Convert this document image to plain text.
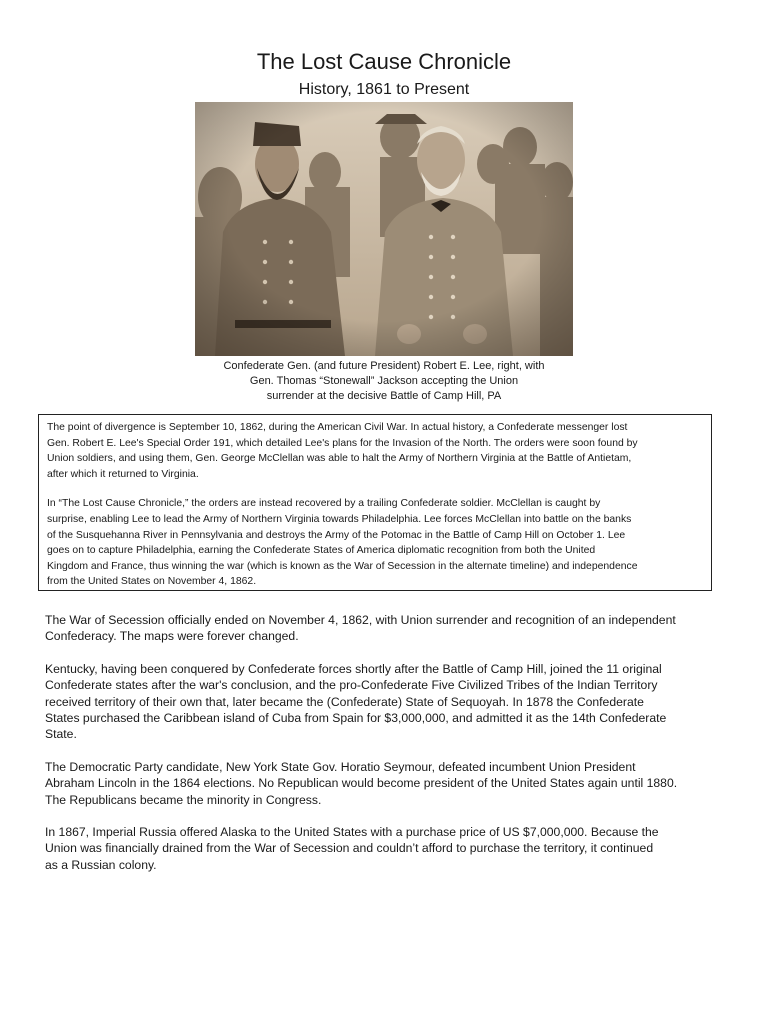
The Lost Cause Chronicle
History, 1861 to Present
Confederate Gen. (and future President) Robert E. Lee, right, with
Gen. Thomas “Stonewall” Jackson accepting the Union
surrender at the decisive Battle of Camp Hill, PA

The point of divergence is September 10, 1862, during the American Civil War. In actual history, a Confederate messenger lost
Gen. Robert E. Lee's Special Order 191, which detailed Lee's plans for the Invasion of the North. The orders were soon found by
Union soldiers, and using them, Gen. George McClellan was able to halt the Army of Northern Virginia at the Battle of Antietam,
after which it returned to Virginia.

In “The Lost Cause Chronicle,” the orders are instead recovered by a trailing Confederate soldier. McClellan is caught by
surprise, enabling Lee to lead the Army of Northern Virginia towards Philadelphia. Lee forces McClellan into battle on the banks
of the Susquehanna River in Pennsylvania and destroys the Army of the Potomac in the Battle of Camp Hill on October 1. Lee
goes on to capture Philadelphia, earning the Confederate States of America diplomatic recognition from both the United
Kingdom and France, thus winning the war (which is known as the War of Secession in the alternate timeline) and independence
from the United States on November 4, 1862.

The War of Secession officially ended on November 4, 1862, with Union surrender and recognition of an independent
Confederacy. The maps were forever changed.

Kentucky, having been conquered by Confederate forces shortly after the Battle of Camp Hill, joined the 11 original
Confederate states after the war's conclusion, and the pro-Confederate Five Civilized Tribes of the Indian Territory
received territory of their own that, later became the (Confederate) State of Sequoyah. In 1878 the Confederate
States purchased the Caribbean island of Cuba from Spain for $3,000,000, and admitted it as the 14th Confederate
State.

The Democratic Party candidate, New York State Gov. Horatio Seymour, defeated incumbent Union President
Abraham Lincoln in the 1864 elections. No Republican would become president of the United States again until 1880.
The Republicans became the minority in Congress.

In 1867, Imperial Russia offered Alaska to the United States with a purchase price of US $7,000,000. Because the
Union was financially drained from the War of Secession and couldn’t afford to purchase the territory, it continued
as a Russian colony.
